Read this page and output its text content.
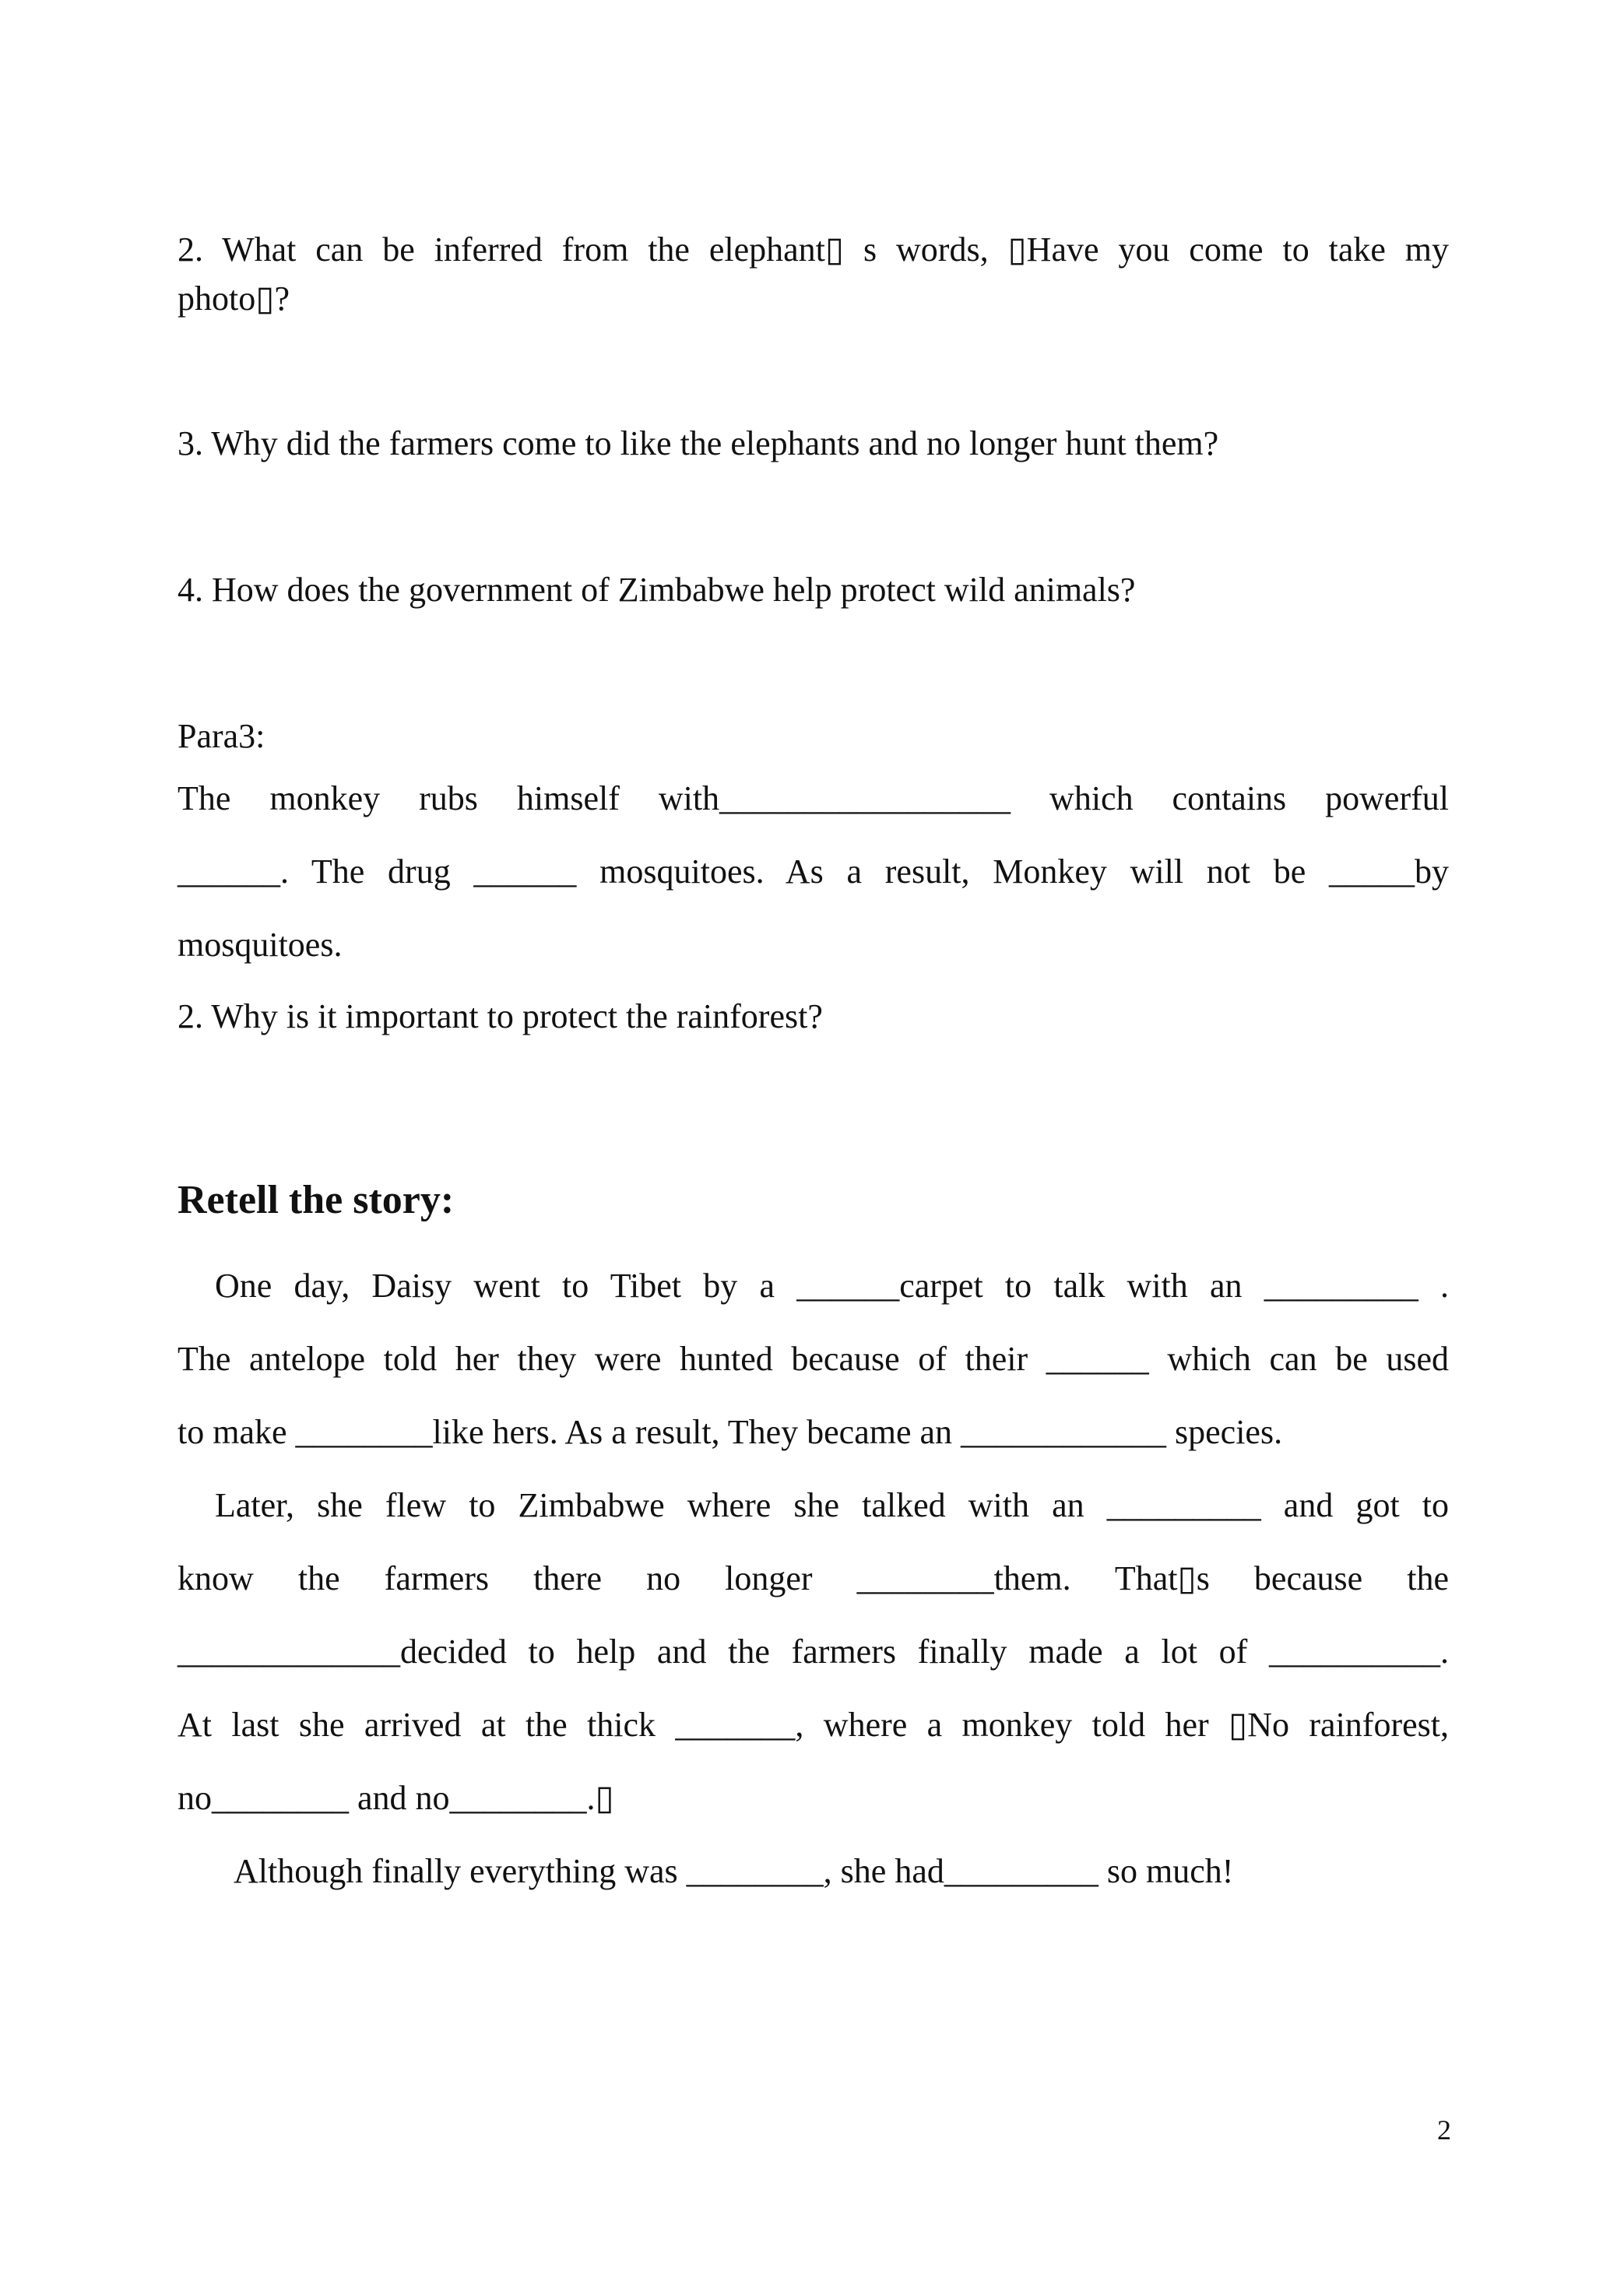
2. What can be inferred from the elephant▯ s words, ▯Have you come to take my
photo▯?
3. Why did the farmers come to like the elephants and no longer hunt them?
4. How does the government of Zimbabwe help protect wild animals?
Para3:
The monkey rubs himself with_________________ which contains powerful
______. The drug ______ mosquitoes. As a result, Monkey will not be _____by
mosquitoes.
2. Why is it important to protect the rainforest?
Retell the story:
One day, Daisy went to Tibet by a ______carpet to talk with an _________ .
The antelope told her they were hunted because of their ______ which can be used
to make ________like hers. As a result, They became an ____________ species.
Later, she flew to Zimbabwe where she talked with an _________ and got to
know the farmers there no longer ________them. That▯s because the
_____________decided to help and the farmers finally made a lot of __________.
At last she arrived at the thick _______, where a monkey told her ▯No rainforest,
no________ and no________.▯
Although finally everything was ________, she had_________ so much!
2
